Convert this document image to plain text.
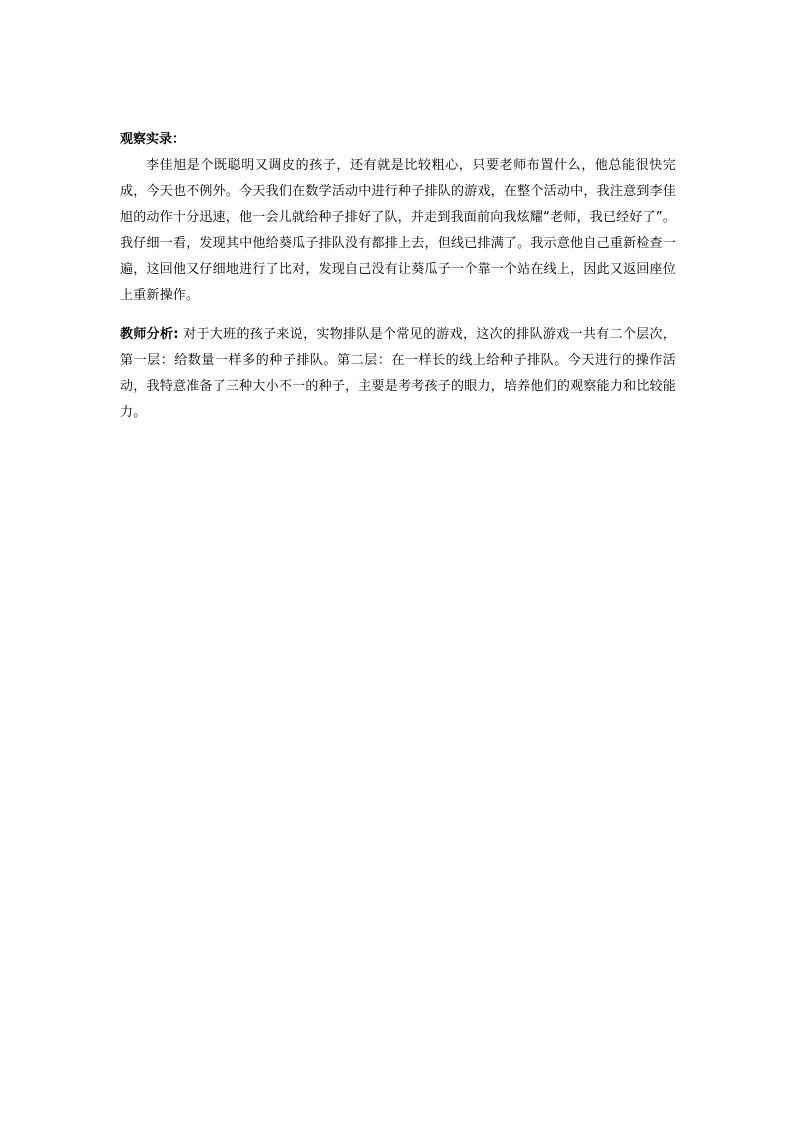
观察实录：

李佳旭是个既聪明又调皮的孩子，还有就是比较粗心，只要老师布置什么，他总能很快完成，今天也不例外。今天我们在数学活动中进行种子排队的游戏，在整个活动中，我注意到李佳旭的动作十分迅速，他一会儿就给种子排好了队，并走到我面前向我炫耀“老师，我已经好了”。我仔细一看，发现其中他给葵瓜子排队没有都排上去，但线已排满了。我示意他自己重新检查一遍，这回他又仔细地进行了比对，发现自己没有让葵瓜子一个靠一个站在线上，因此又返回座位上重新操作。

教师分析: 对于大班的孩子来说，实物排队是个常见的游戏，这次的排队游戏一共有二个层次，第一层：给数量一样多的种子排队。第二层：在一样长的线上给种子排队。今天进行的操作活动，我特意准备了三种大小不一的种子，主要是考考孩子的眼力，培养他们的观察能力和比较能力。
